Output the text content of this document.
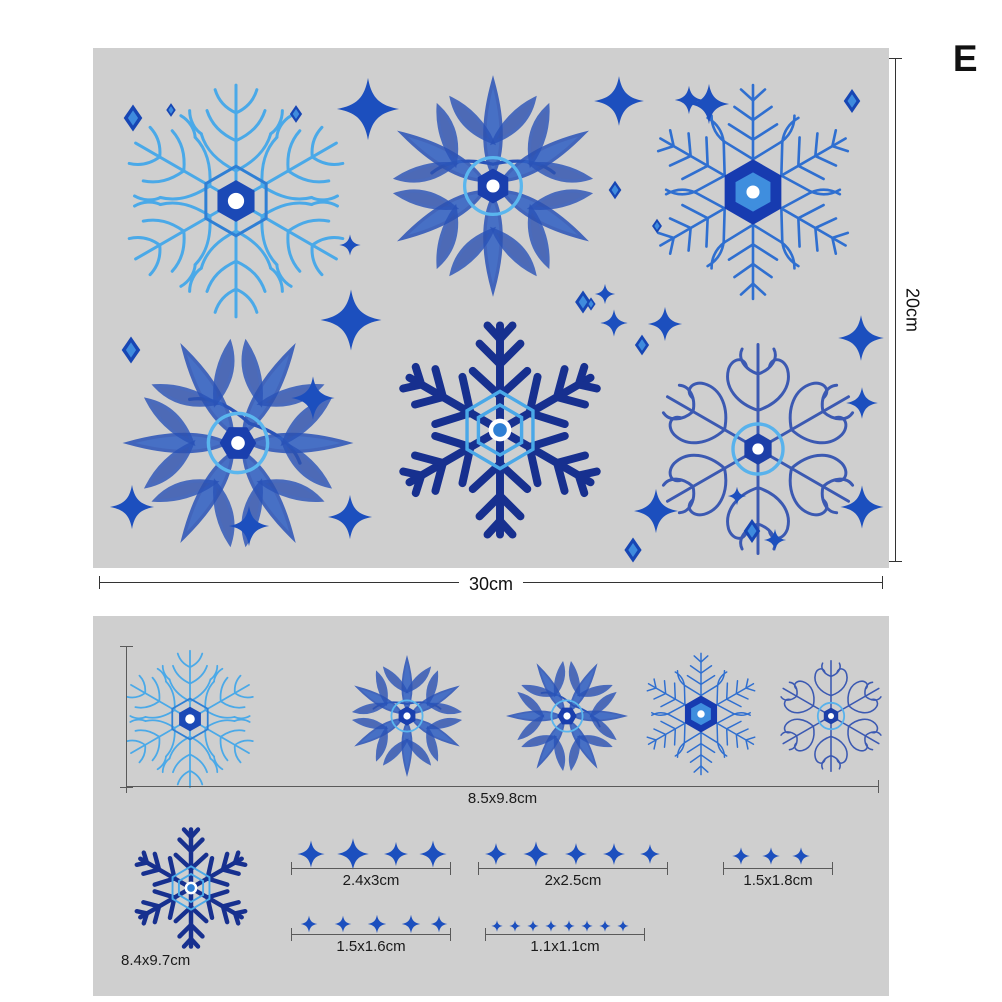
E
30cm
20cm
8.5x9.8cm
8.4x9.7cm
2.4x3cm	2x2.5cm	1.5x1.8cm
1.5x1.6cm	1.1x1.1cm
